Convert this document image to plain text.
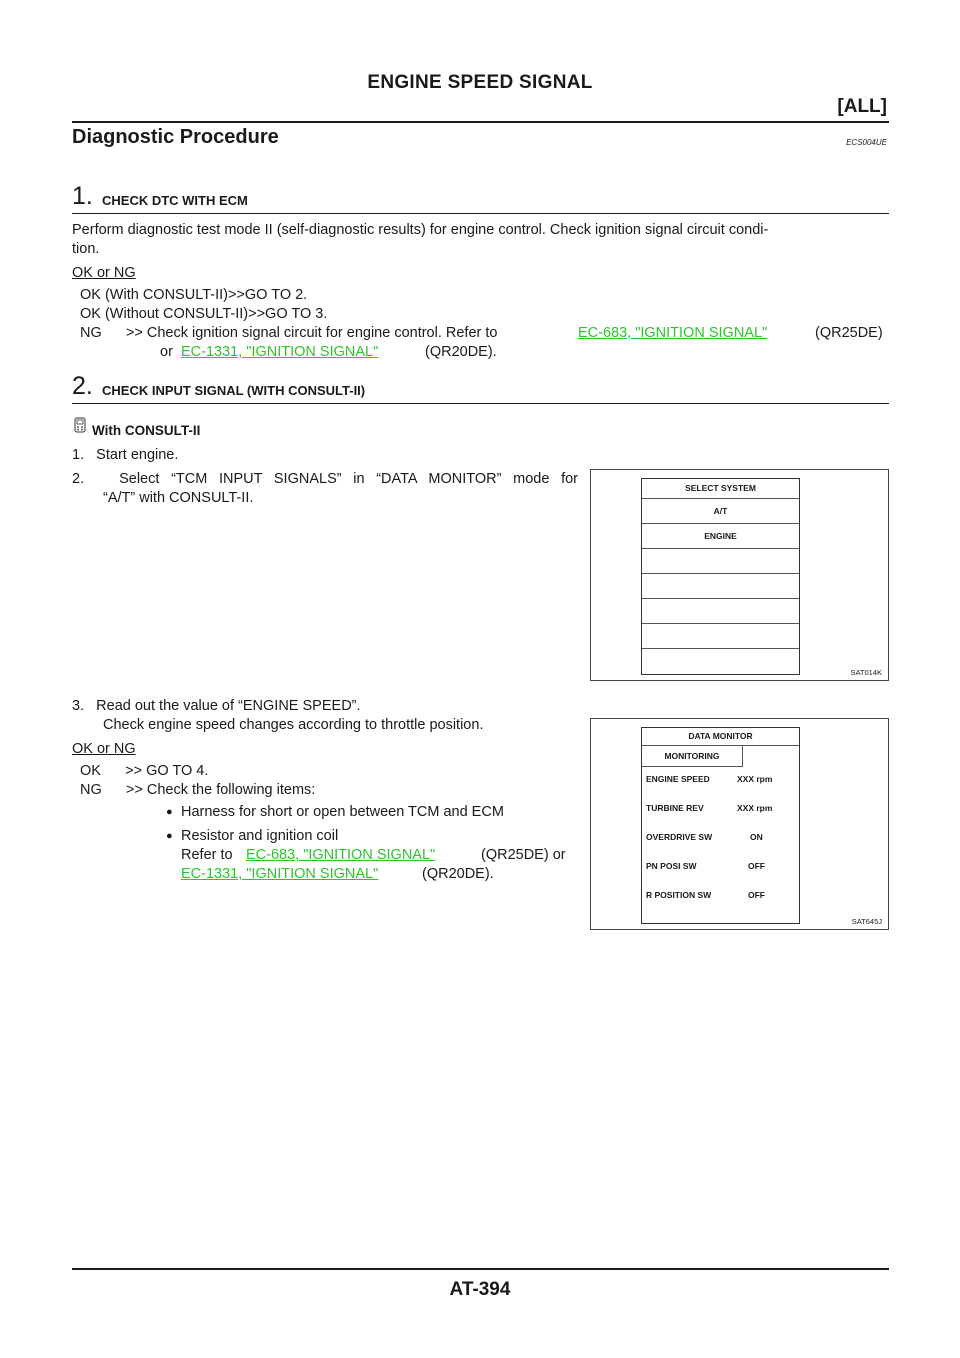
ENGINE SPEED SIGNAL
[ALL]
Diagnostic Procedure	ECS004UE
1. CHECK DTC WITH ECM
Perform diagnostic test mode II (self-diagnostic results) for engine control. Check ignition signal circuit condi-
tion.
OK or NG
OK (With CONSULT-II)>>GO TO 2.
OK (Without CONSULT-II)>>GO TO 3.
NG      >> Check ignition signal circuit for engine control. Refer to	EC-683, "IGNITION SIGNAL"	(QR25DE)
or EC-1331, "IGNITION SIGNAL"	(QR20DE).
2. CHECK INPUT SIGNAL (WITH CONSULT-II)
With CONSULT-II
1.   Start engine.
2.   Select “TCM INPUT SIGNALS” in “DATA MONITOR” mode for
“A/T” with CONSULT-II.
SELECT SYSTEM
A/T
ENGINE
SAT014K
3.   Read out the value of “ENGINE SPEED”.
Check engine speed changes according to throttle position.
OK or NG
OK      >> GO TO 4.
NG      >> Check the following items:
● Harness for short or open between TCM and ECM
● Resistor and ignition coil
Refer to EC-683, "IGNITION SIGNAL"	(QR25DE) or
EC-1331, "IGNITION SIGNAL"	(QR20DE).
DATA MONITOR
MONITORING
ENGINE SPEED	XXX rpm
TURBINE REV	XXX rpm
OVERDRIVE SW	ON
PN POSI SW	OFF
R POSITION SW	OFF
SAT645J
AT-394
